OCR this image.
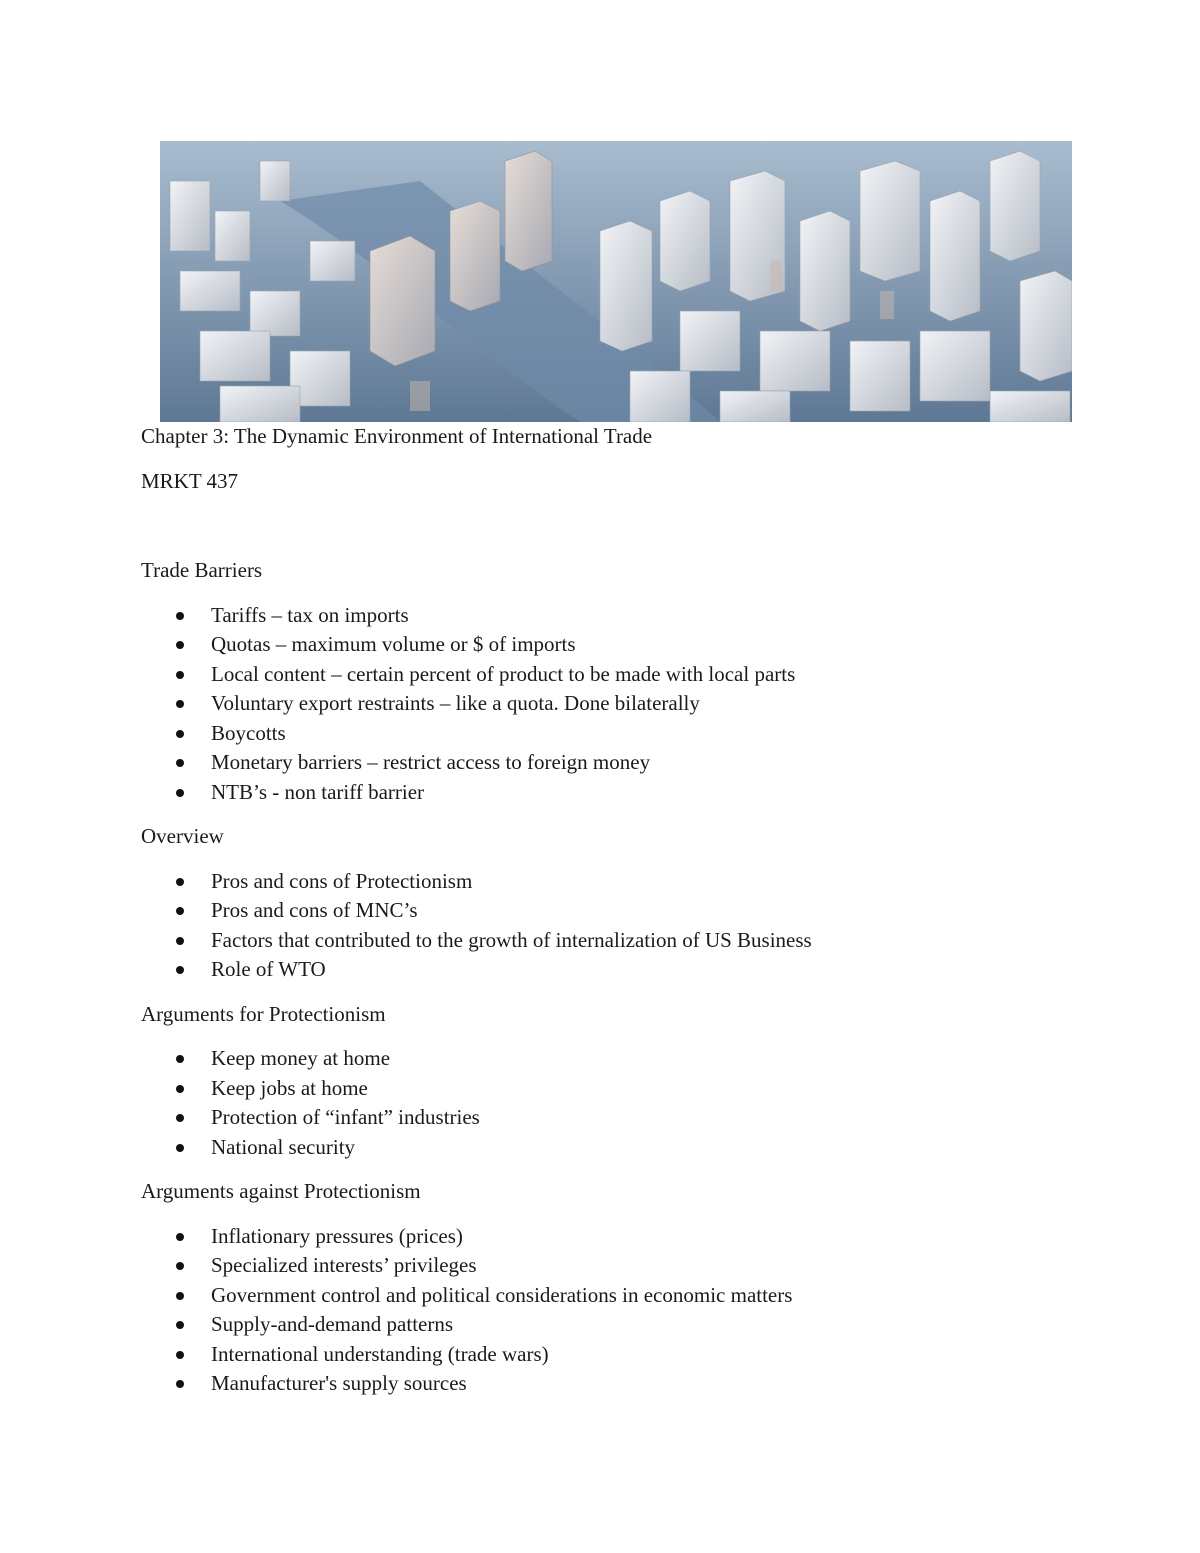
Chapter 3: The Dynamic Environment of International Trade

MRKT 437

Trade Barriers

Tariffs – tax on imports
Quotas – maximum volume or $ of imports
Local content – certain percent of product to be made with local parts
Voluntary export restraints – like a quota. Done bilaterally
Boycotts
Monetary barriers – restrict access to foreign money
NTB’s - non tariff barrier

Overview

Pros and cons of Protectionism
Pros and cons of MNC’s
Factors that contributed to the growth of internalization of US Business
Role of WTO

Arguments for Protectionism

Keep money at home
Keep jobs at home
Protection of “infant” industries
National security

Arguments against Protectionism

Inflationary pressures (prices)
Specialized interests’ privileges
Government control and political considerations in economic matters
Supply-and-demand patterns
International understanding (trade wars)
Manufacturer's supply sources
